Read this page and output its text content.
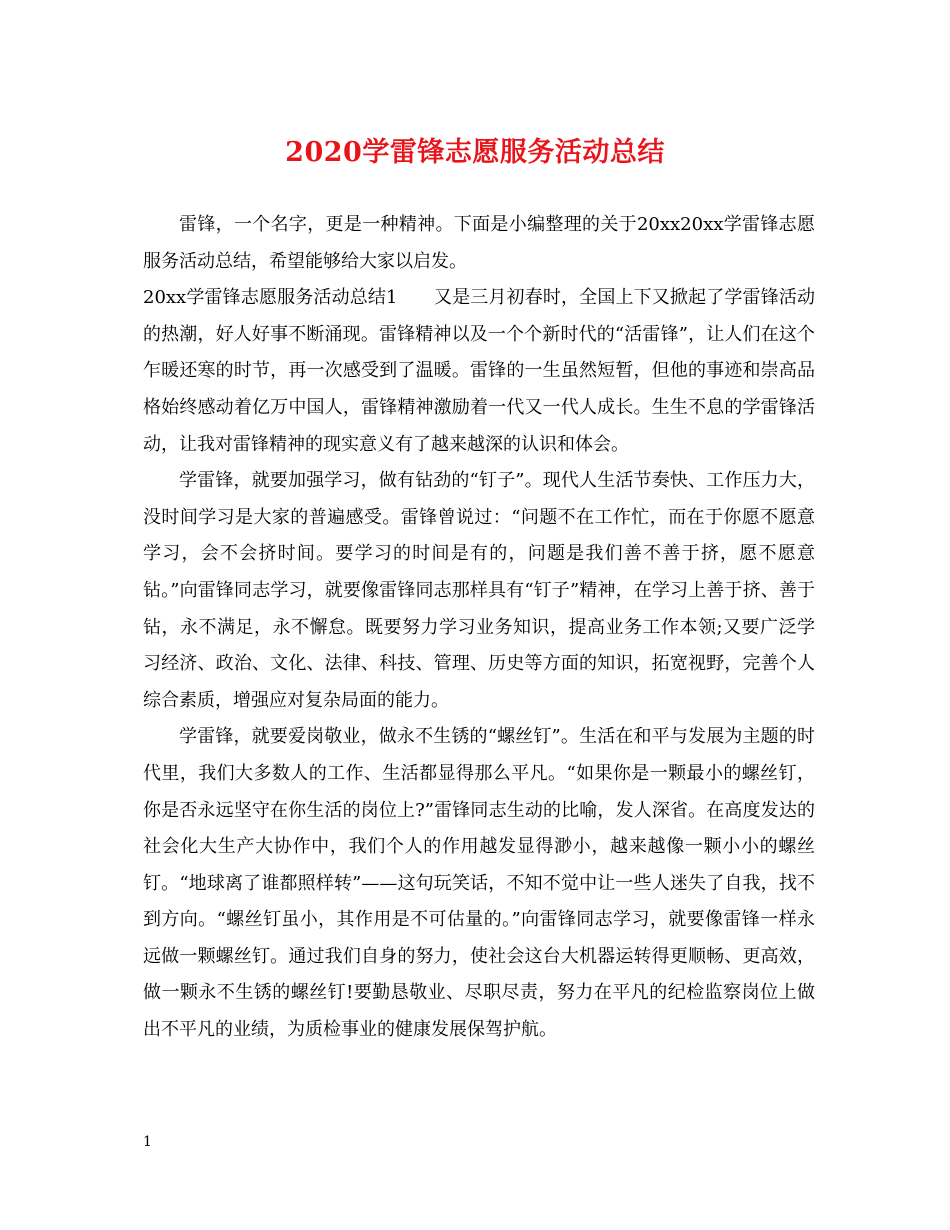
2020学雷锋志愿服务活动总结

雷锋，一个名字，更是一种精神。下面是小编整理的关于20xx20xx学雷锋志愿服务活动总结，希望能够给大家以启发。

20xx学雷锋志愿服务活动总结1　　又是三月初春时，全国上下又掀起了学雷锋活动的热潮，好人好事不断涌现。雷锋精神以及一个个新时代的“活雷锋”，让人们在这个乍暖还寒的时节，再一次感受到了温暖。雷锋的一生虽然短暂，但他的事迹和崇高品格始终感动着亿万中国人，雷锋精神激励着一代又一代人成长。生生不息的学雷锋活动，让我对雷锋精神的现实意义有了越来越深的认识和体会。

学雷锋，就要加强学习，做有钻劲的“钉子”。现代人生活节奏快、工作压力大，没时间学习是大家的普遍感受。雷锋曾说过：“问题不在工作忙，而在于你愿不愿意学习，会不会挤时间。要学习的时间是有的，问题是我们善不善于挤，愿不愿意钻。”向雷锋同志学习，就要像雷锋同志那样具有“钉子”精神，在学习上善于挤、善于钻，永不满足，永不懈怠。既要努力学习业务知识，提高业务工作本领;又要广泛学习经济、政治、文化、法律、科技、管理、历史等方面的知识，拓宽视野，完善个人综合素质，增强应对复杂局面的能力。

学雷锋，就要爱岗敬业，做永不生锈的“螺丝钉”。生活在和平与发展为主题的时代里，我们大多数人的工作、生活都显得那么平凡。“如果你是一颗最小的螺丝钉，你是否永远坚守在你生活的岗位上?”雷锋同志生动的比喻，发人深省。在高度发达的社会化大生产大协作中，我们个人的作用越发显得渺小，越来越像一颗小小的螺丝钉。“地球离了谁都照样转”——这句玩笑话，不知不觉中让一些人迷失了自我，找不到方向。“螺丝钉虽小，其作用是不可估量的。”向雷锋同志学习，就要像雷锋一样永远做一颗螺丝钉。通过我们自身的努力，使社会这台大机器运转得更顺畅、更高效，做一颗永不生锈的螺丝钉!要勤恳敬业、尽职尽责，努力在平凡的纪检监察岗位上做出不平凡的业绩，为质检事业的健康发展保驾护航。

1
